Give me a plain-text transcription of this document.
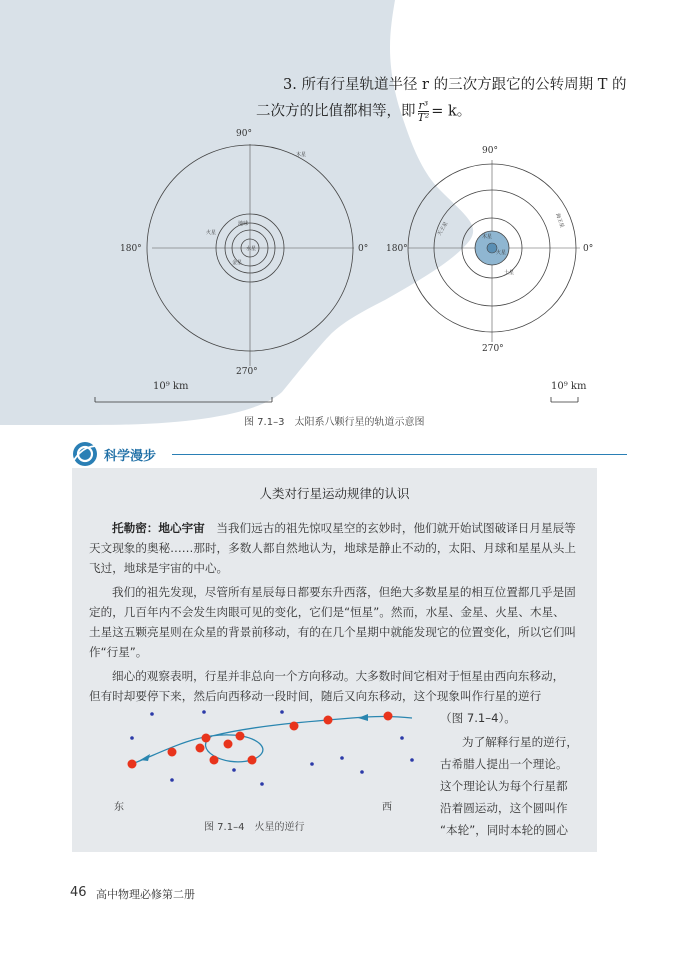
3. 所有行星轨道半径 r 的三次方跟它的公转周期 T 的
二次方的比值都相等，即 $\frac{\text{r³}}{\text{T²}} = k$。
90°
180°	0°
270°
水星
金星
地球
火星
木星
10⁹ km
90°
180°	0°
270°
天王星
海王星
木星
火星
土星
10⁹ km
图 7.1–3　太阳系八颗行星的轨道示意图
科学漫步
人类对行星运动规律的认识
托勒密：地心宇宙　当我们远古的祖先惊叹星空的玄妙时，他们就开始试图破译日月星辰等
天文现象的奥秘……那时，多数人都自然地认为，地球是静止不动的，太阳、月球和星星从头上
飞过，地球是宇宙的中心。
我们的祖先发现，尽管所有星辰每日都要东升西落，但绝大多数星星的相互位置都几乎是固
定的，几百年内不会发生肉眼可见的变化，它们是“恒星”。然而，水星、金星、火星、木星、
土星这五颗亮星则在众星的背景前移动，有的在几个星期中就能发现它的位置变化，所以它们叫
作“行星”。
细心的观察表明，行星并非总向一个方向移动。大多数时间它相对于恒星由西向东移动，
但有时却要停下来，然后向西移动一段时间，随后又向东移动，这个现象叫作行星的逆行
（图 7.1–4）。
为了解释行星的逆行，
古希腊人提出一个理论。
这个理论认为每个行星都
沿着圆运动，这个圆叫作
“本轮”，同时本轮的圆心
东	西
图 7.1–4　火星的逆行
46 高中物理必修第二册
